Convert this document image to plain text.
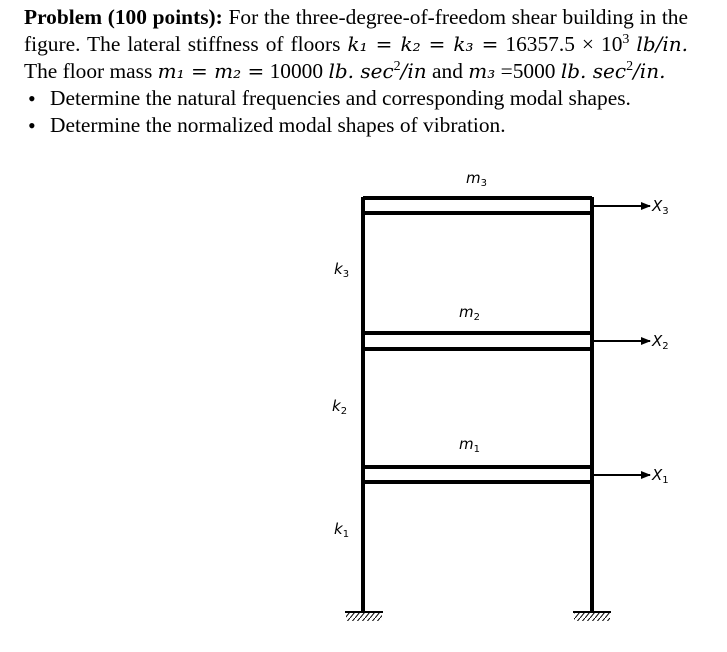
Problem (100 points): For the three-degree-of-freedom shear building in the figure. The lateral stiffness of floors $k_1 = k_2 = k_3 = 16357.5 \times 10^3$ lb/in. The floor mass m₁ = m₂ = 10000 lb. $\sec^2/in$ and m₃ =5000 lb. $\sec^2/in$.

• Determine the natural frequencies and corresponding modal shapes.
• Determine the normalized modal shapes of vibration.
$m_3$
$m_2$
$m_1$
$k_3$
$k_2$
$k_1$
$X_3$
$X_2$
$X_1$
